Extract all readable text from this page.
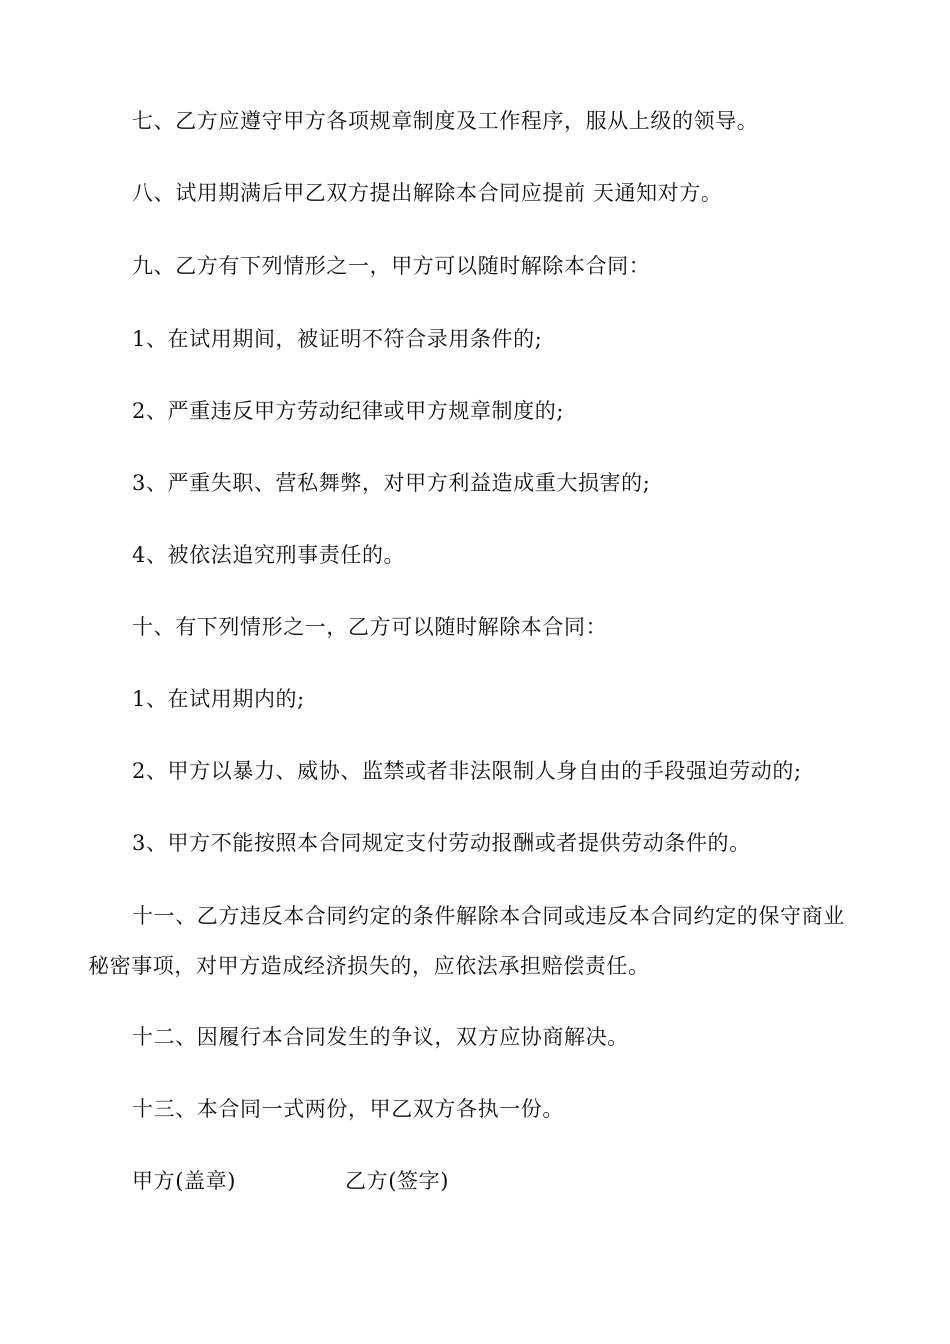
七、乙方应遵守甲方各项规章制度及工作程序，服从上级的领导。
八、试用期满后甲乙双方提出解除本合同应提前 天通知对方。
九、乙方有下列情形之一，甲方可以随时解除本合同：
1、在试用期间，被证明不符合录用条件的;
2、严重违反甲方劳动纪律或甲方规章制度的;
3、严重失职、营私舞弊，对甲方利益造成重大损害的;
4、被依法追究刑事责任的。
十、有下列情形之一，乙方可以随时解除本合同：
1、在试用期内的;
2、甲方以暴力、威协、监禁或者非法限制人身自由的手段强迫劳动的;
3、甲方不能按照本合同规定支付劳动报酬或者提供劳动条件的。
十一、乙方违反本合同约定的条件解除本合同或违反本合同约定的保守商业
秘密事项，对甲方造成经济损失的，应依法承担赔偿责任。
十二、因履行本合同发生的争议，双方应协商解决。
十三、本合同一式两份，甲乙双方各执一份。
甲方(盖章)	乙方(签字)
